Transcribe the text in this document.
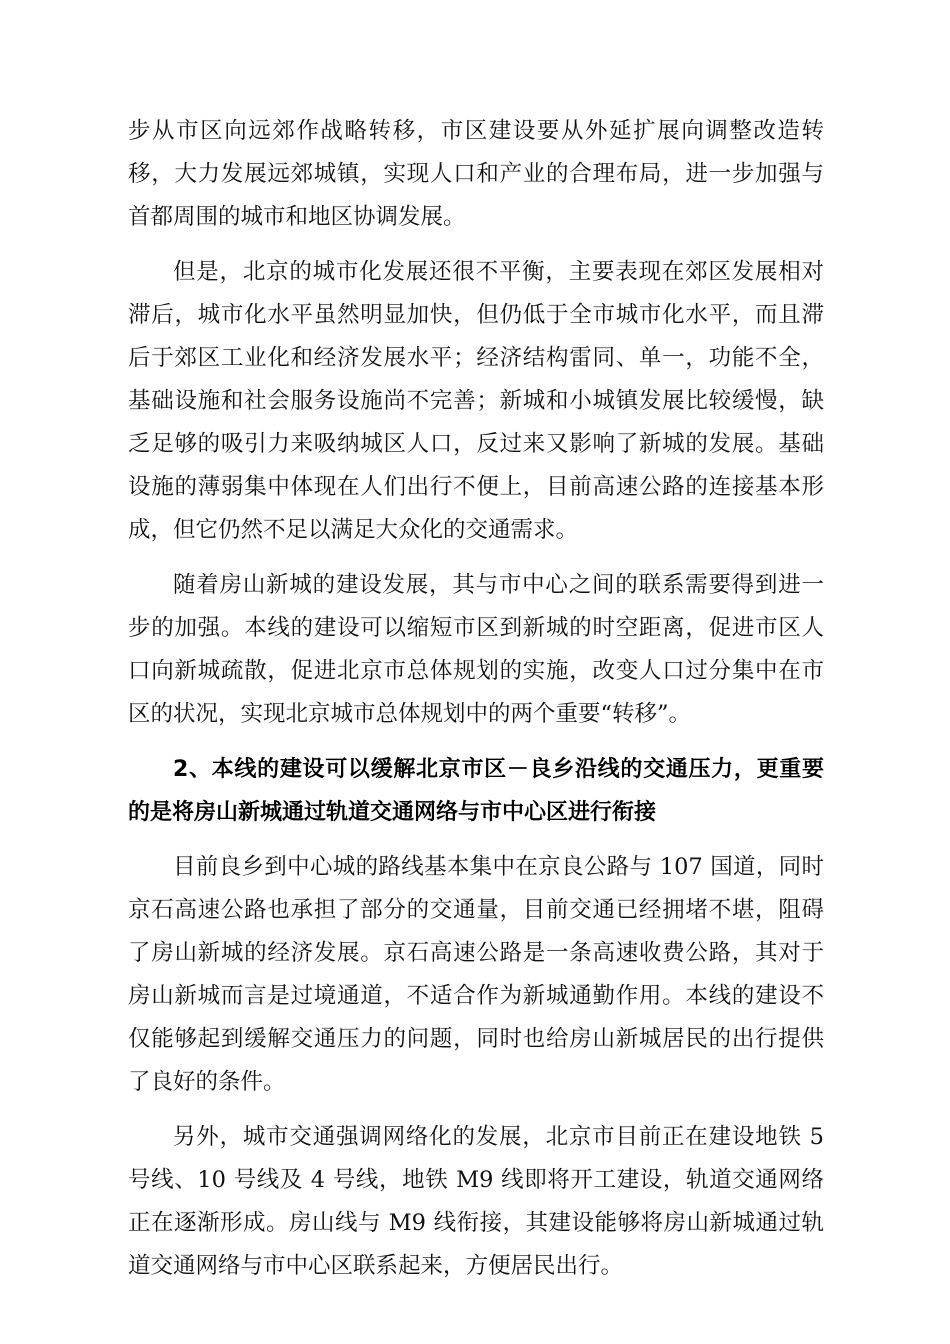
步从市区向远郊作战略转移，市区建设要从外延扩展向调整改造转移，大力发展远郊城镇，实现人口和产业的合理布局，进一步加强与首都周围的城市和地区协调发展。

但是，北京的城市化发展还很不平衡，主要表现在郊区发展相对滞后，城市化水平虽然明显加快，但仍低于全市城市化水平，而且滞后于郊区工业化和经济发展水平；经济结构雷同、单一，功能不全，基础设施和社会服务设施尚不完善；新城和小城镇发展比较缓慢，缺乏足够的吸引力来吸纳城区人口，反过来又影响了新城的发展。基础设施的薄弱集中体现在人们出行不便上，目前高速公路的连接基本形成，但它仍然不足以满足大众化的交通需求。

随着房山新城的建设发展，其与市中心之间的联系需要得到进一步的加强。本线的建设可以缩短市区到新城的时空距离，促进市区人口向新城疏散，促进北京市总体规划的实施，改变人口过分集中在市区的状况，实现北京城市总体规划中的两个重要“转移”。

2、本线的建设可以缓解北京市区－良乡沿线的交通压力，更重要的是将房山新城通过轨道交通网络与市中心区进行衔接

目前良乡到中心城的路线基本集中在京良公路与 107 国道，同时京石高速公路也承担了部分的交通量，目前交通已经拥堵不堪，阻碍了房山新城的经济发展。京石高速公路是一条高速收费公路，其对于房山新城而言是过境通道，不适合作为新城通勤作用。本线的建设不仅能够起到缓解交通压力的问题，同时也给房山新城居民的出行提供了良好的条件。

另外，城市交通强调网络化的发展，北京市目前正在建设地铁 5 号线、10 号线及 4 号线，地铁 M9 线即将开工建设，轨道交通网络正在逐渐形成。房山线与 M9 线衔接，其建设能够将房山新城通过轨道交通网络与市中心区联系起来，方便居民出行。
